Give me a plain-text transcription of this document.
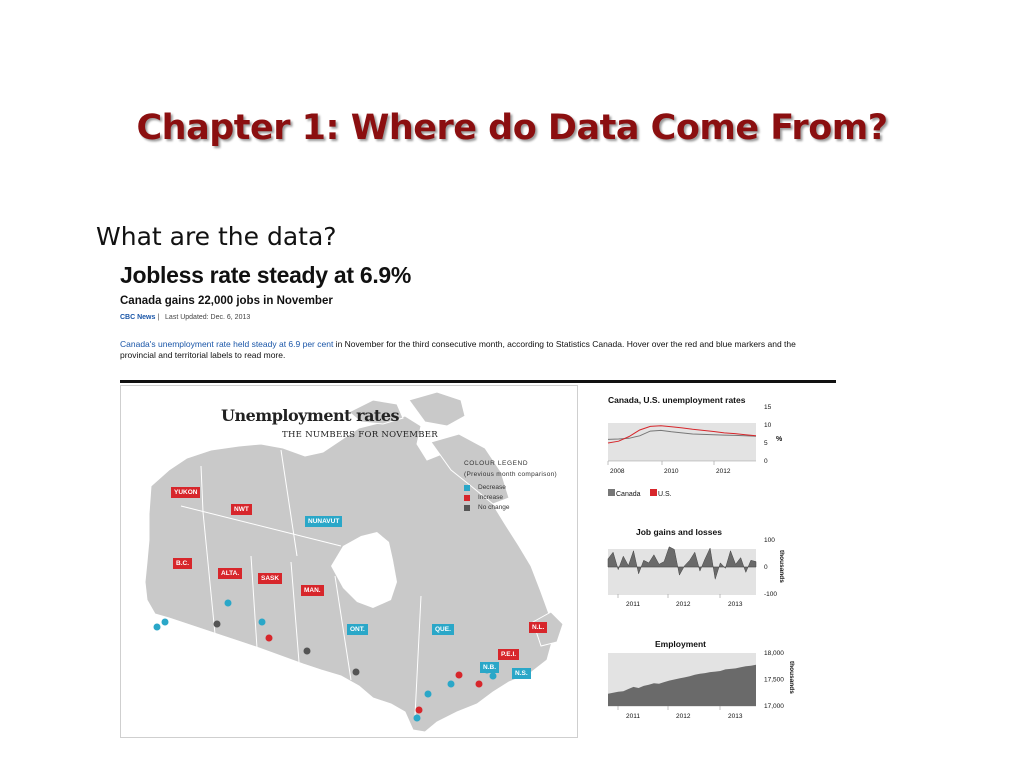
Chapter 1: Where do Data Come From?
What are the data?
Jobless rate steady at 6.9%
Canada gains 22,000 jobs in November
CBC News | Last Updated: Dec. 6, 2013
Canada's unemployment rate held steady at 6.9 per cent in November for the third consecutive month, according to Statistics Canada. Hover over the red and blue markers and the provincial and territorial labels to read more.
Unemployment rates
THE NUMBERS FOR NOVEMBER
COLOUR LEGEND
(Previous month comparison)
Decrease
Increase
No change
YUKON
NWT
NUNAVUT
B.C.
ALTA.
SASK
MAN.
ONT.	QUE.	N.L.
P.E.I.
N.B.
N.S.
Canada, U.S. unemployment rates
15
10
5
0
2008	2010	2012
%
Canada U.S.
Job gains and losses
100
0
-100
2011	2012	2013
thousands
Employment
18,000
17,500
17,000
2011	2012	2013
thousands
